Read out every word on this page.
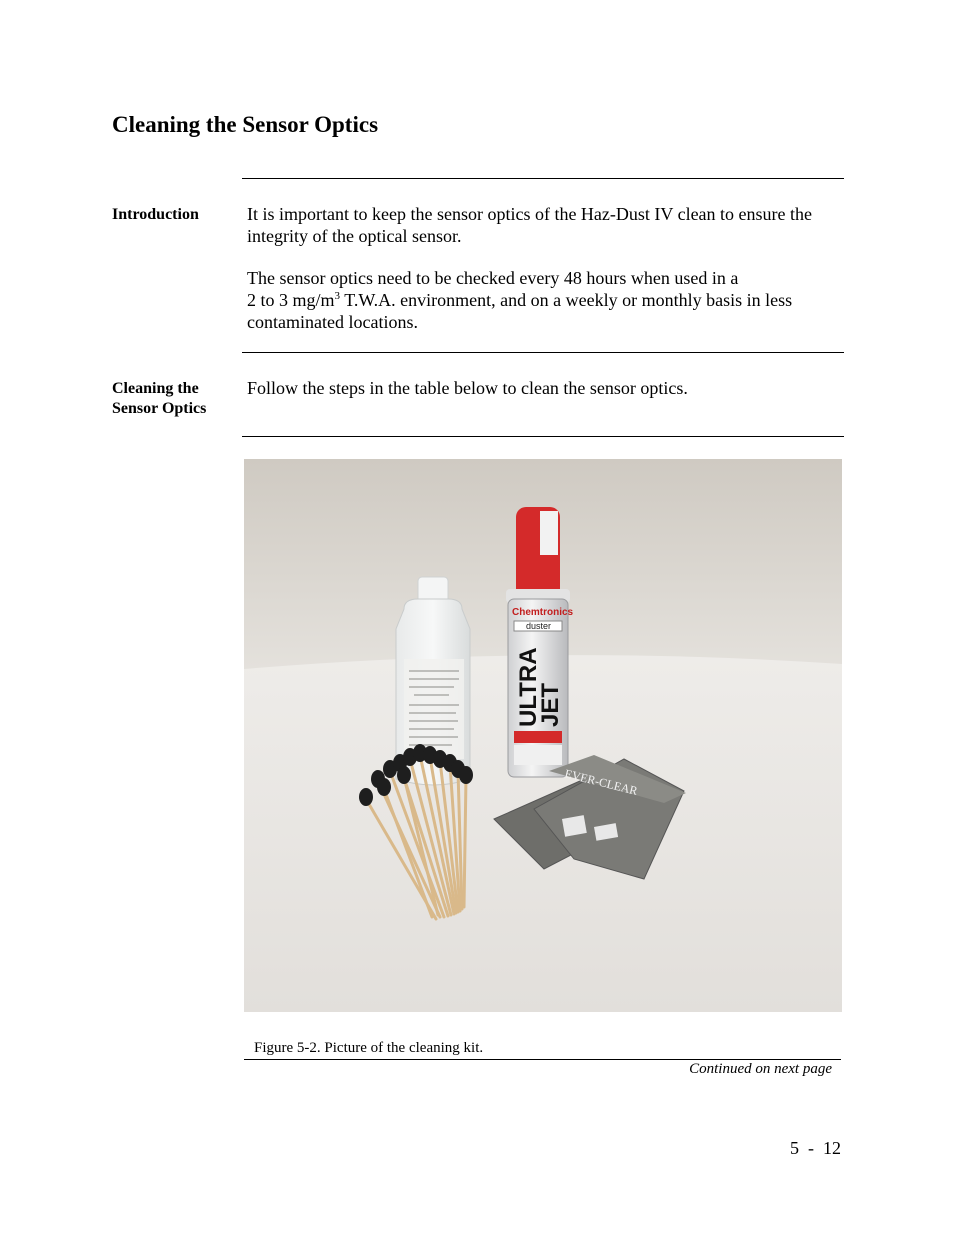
Cleaning the Sensor Optics
Introduction	It is important to keep the sensor optics of the Haz-Dust IV clean to ensure the integrity of the optical sensor.

The sensor optics need to be checked every 48 hours when used in a
2 to 3 $mg/m^3$ T.W.A. environment, and on a weekly or monthly basis in less contaminated locations.

Cleaning the Sensor Optics
Follow the steps in the table below to clean the sensor optics.
Chemtronics
duster
ULTRA
JET
EVER-CLEAR
Figure 5-2. Picture of the cleaning kit.
Continued on next page
5  -  12
